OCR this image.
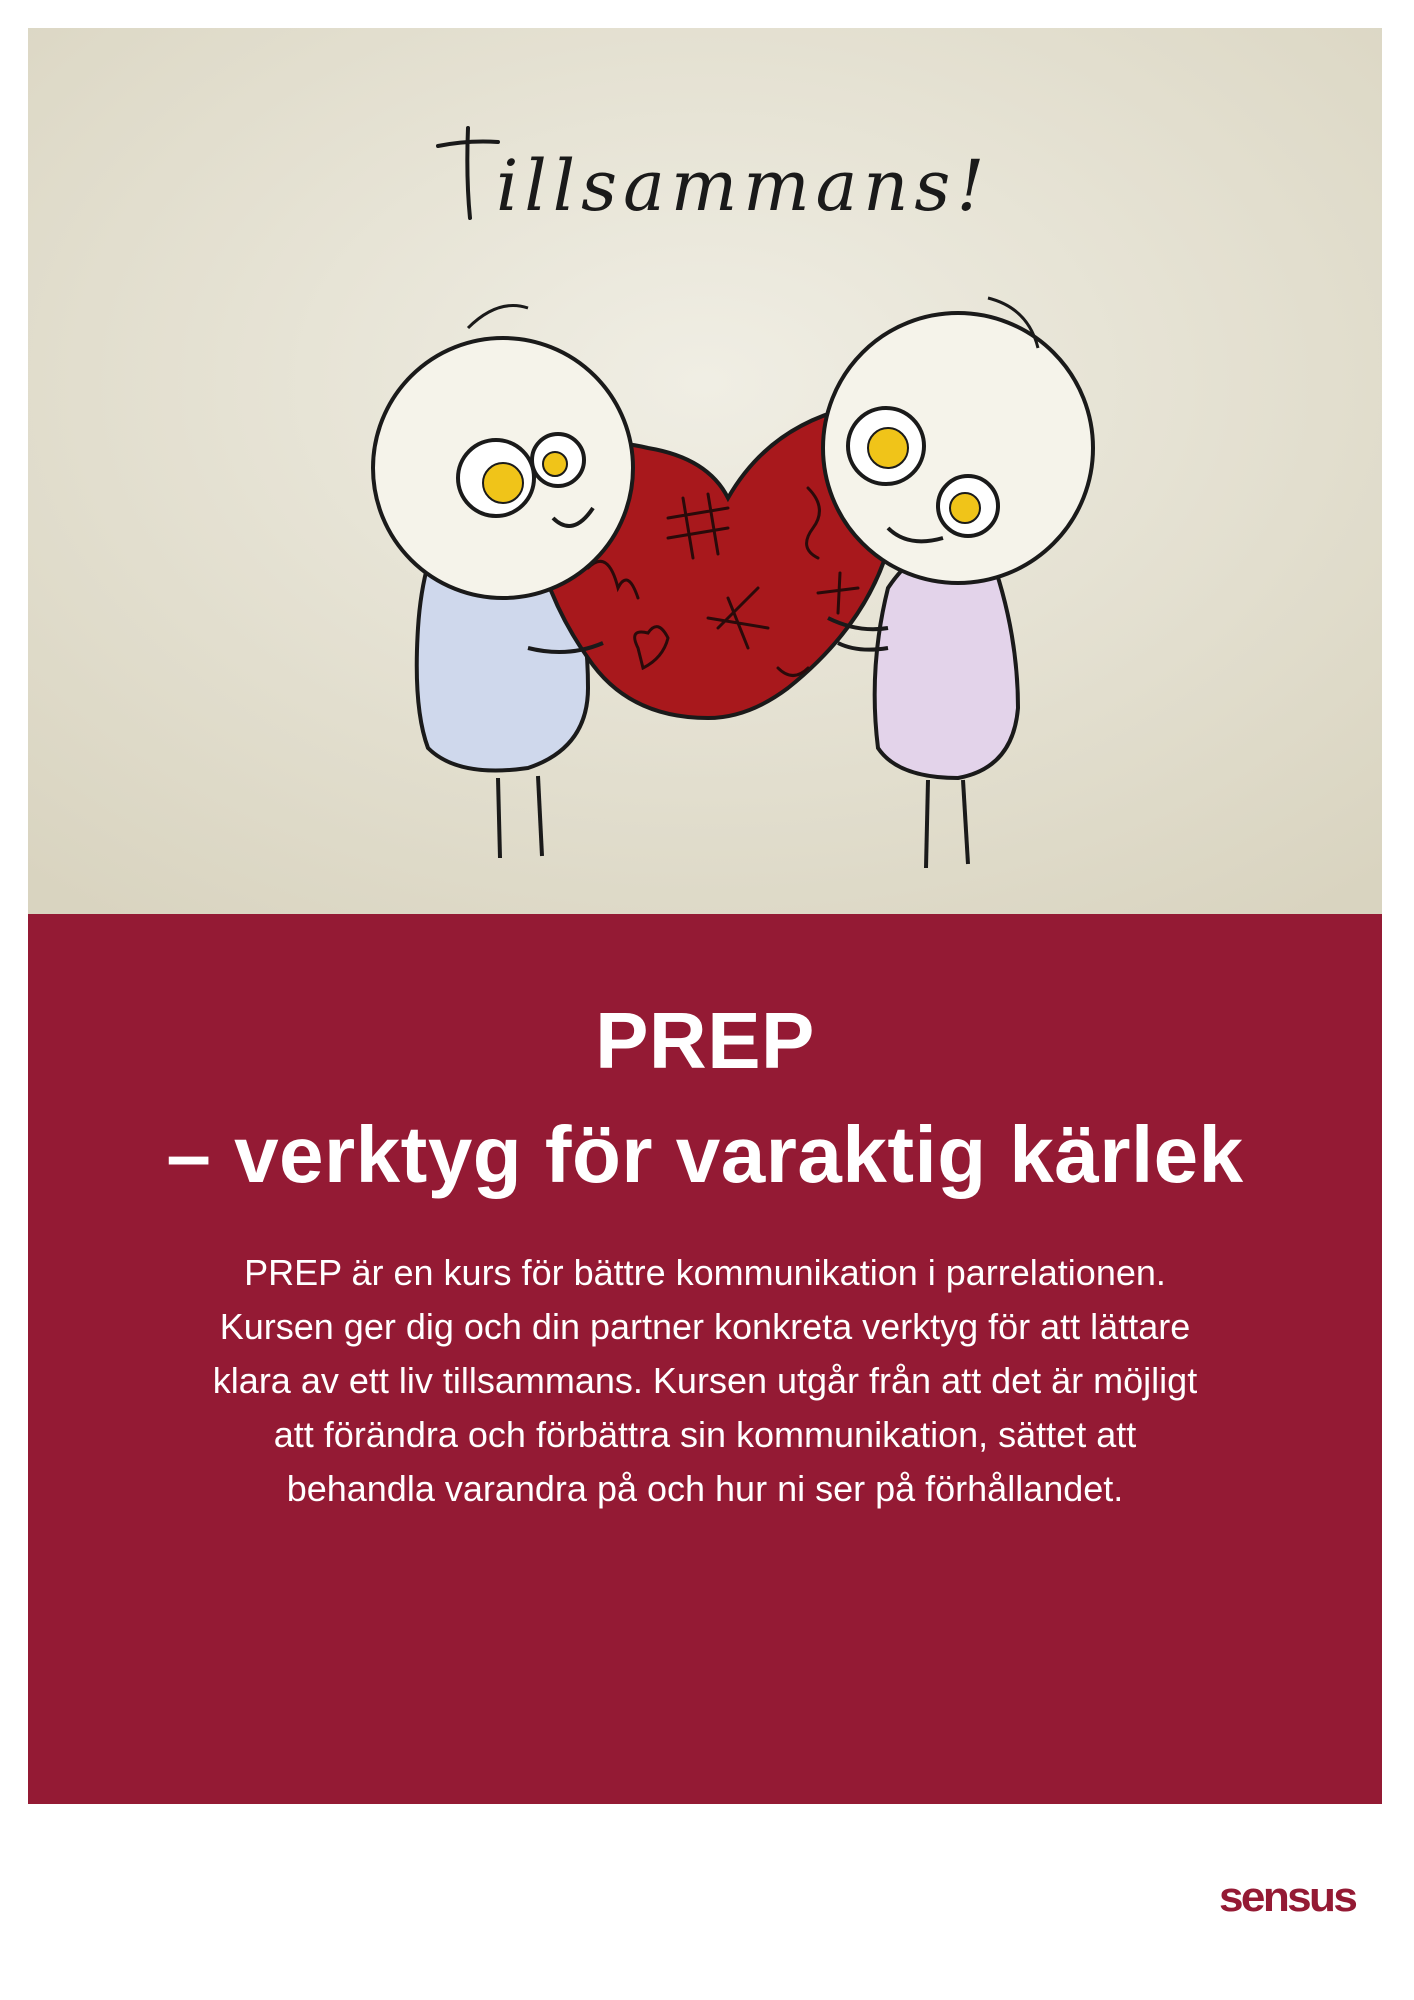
illsammans!
PREP
– verktyg för varaktig kärlek

PREP är en kurs för bättre kommunikation i parrelationen.
Kursen ger dig och din partner konkreta verktyg för att lättare
klara av ett liv tillsammans. Kursen utgår från att det är möjligt
att förändra och förbättra sin kommunikation, sättet att
behandla varandra på och hur ni ser på förhållandet.

sensus
